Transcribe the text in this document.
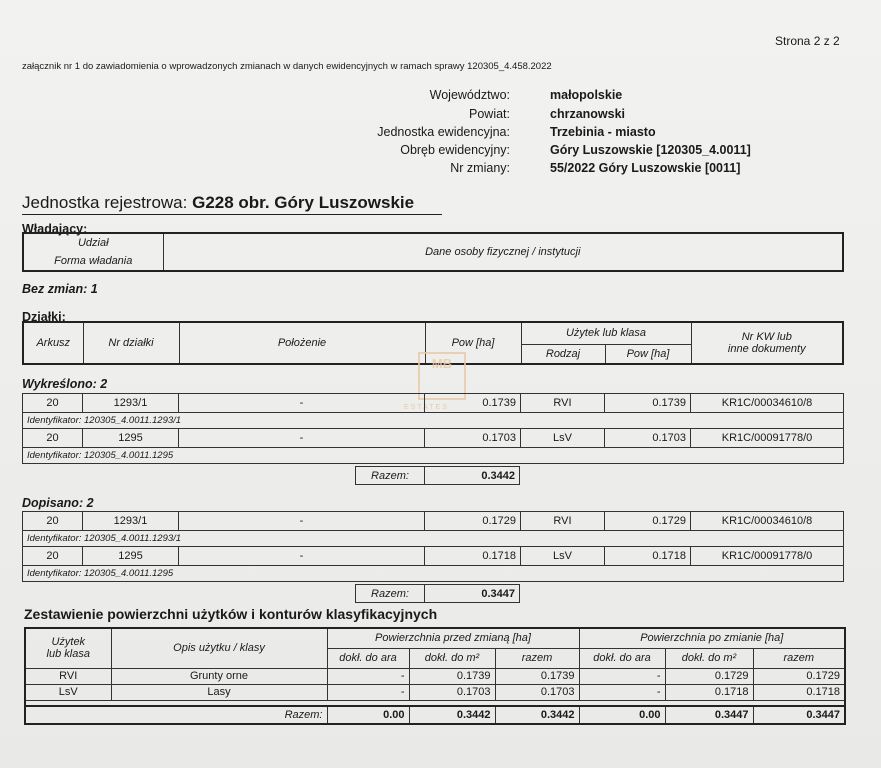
Strona 2 z 2
załącznik nr 1 do zawiadomienia o wprowadzonych zmianach w danych ewidencyjnych w ramach sprawy 120305_4.458.2022
Województwo:	małopolskie
Powiat:	chrzanowski
Jednostka ewidencyjna:	Trzebinia - miasto
Obręb ewidencyjny:	Góry Luszowskie [120305_4.0011]
Nr zmiany:	55/2022 Góry Luszowskie [0011]
Jednostka rejestrowa: G228 obr. Góry Luszowskie
Władający:
Udział	Dane osoby fizycznej / instytucji
Forma władania
Bez zmian: 1
Działki:
Arkusz	Nr działki	Położenie	Pow [ha]	Użytek lub klasa		Nr KW lub
inne dokumenty

				Rodzaj	Pow [ha]	
MB
ESTATES
Wykreślono: 2
20	1293/1	-	0.1739	RVI	0.1739	KR1C/00034610/8
Identyfikator: 120305_4.0011.1293/1						
20	1295	-	0.1703	LsV	0.1703	KR1C/00091778/0
Identyfikator: 120305_4.0011.1295						
Razem:	0.3442
Dopisano: 2
20	1293/1	-	0.1729	RVI	0.1729	KR1C/00034610/8
Identyfikator: 120305_4.0011.1293/1						
20	1295	-	0.1718	LsV	0.1718	KR1C/00091778/0
Identyfikator: 120305_4.0011.1295						
Razem:	0.3447
Zestawienie powierzchni użytków i konturów klasyfikacyjnych
Użytek
lub klasa	Opis użytku / klasy	Powierzchnia przed zmianą [ha]			Powierzchnia po zmianie [ha]		
		dokł. do ara	dokł. do m²	razem	dokł. do ara	dokł. do m²	razem
RVI	Grunty orne	-	0.1739	0.1739	-	0.1729	0.1729
LsV	Lasy	-	0.1703	0.1703	-	0.1718	0.1718

Razem:		0.00	0.3442	0.3442	0.00	0.3447	0.3447
